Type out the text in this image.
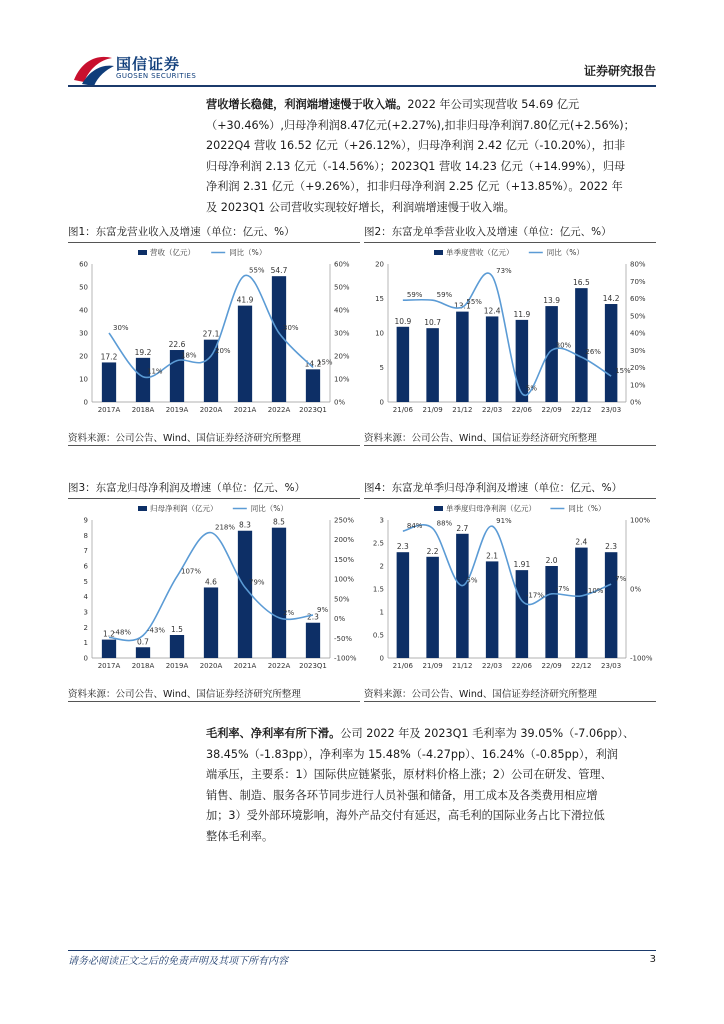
国信证券
GUOSEN SECURITIES	证券研究报告
营收增长稳健，利润端增速慢于收入端。2022 年公司实现营收 54.69 亿元
（+30.46%）,归母净利润8.47亿元(+2.27%),扣非归母净利润7.80亿元(+2.56%)；
2022Q4 营收 16.52 亿元（+26.12%），归母净利润 2.42 亿元（-10.20%），扣非
归母净利润 2.13 亿元（-14.56%）；2023Q1 营收 14.23 亿元（+14.99%），归母
净利润 2.31 亿元（+9.26%），扣非归母净利润 2.25 亿元（+13.85%）。2022 年
及 2023Q1 公司营收实现较好增长，利润端增速慢于收入端。
图1：东富龙营业收入及增速（单位：亿元、%）
营收（亿元）	同比（%）
0
10
20
30
40
50
60
0%
10%
20%
30%
40%
50%
60%
17.2
2017A
19.2
2018A
22.6
2019A
27.1
2020A
41.9
2021A
54.7
2022A
14.2
2023Q1
30%
11%
18%
20%
55%
30%
15%
资料来源：公司公告、Wind、国信证券经济研究所整理
图2：东富龙单季营业收入及增速（单位：亿元、%）
单季度营收（亿元）	同比（%）
0
5
10
15
20
0%
10%
20%
30%
40%
50%
60%
70%
80%
10.9
21/06
10.7
21/09
13.1
21/12
12.4
22/03
11.9
22/06
13.9
22/09
16.5
22/12
14.2
23/03
59% 59%
55%
73%
5%
30%
26%
15%
资料来源：公司公告、Wind、国信证券经济研究所整理
图3：东富龙归母净利润及增速（单位：亿元、%）
归母净利润（亿元）	同比（%）
0
1
2
3
4
5
6
7
8
9
-100%
-50%
0%
50%
100%
150%
200%
250%
1.2
2017A
0.7
2018A
1.5
2019A
4.6
2020A
8.3
2021A
8.5
2022A
2.3
2023Q1
-48% -43%
107%
218%
79%
2%	9%
资料来源：公司公告、Wind、国信证券经济研究所整理
图4：东富龙单季归母净利润及增速（单位：亿元、%）
单季度归母净利润（亿元）	同比（%）
0
0.5
1
1.5
2
2.5
3
-100%
0%
100%
2.3
21/06
2.2
21/09
2.7
21/12
2.1
22/03
1.91
22/06
2.0
22/09
2.4
22/12
2.3
23/03
84% 88%
5%
91%
-17%
-7% -10%
7%
资料来源：公司公告、Wind、国信证券经济研究所整理
毛利率、净利率有所下滑。公司 2022 年及 2023Q1 毛利率为 39.05%（-7.06pp）、
38.45%（-1.83pp），净利率为 15.48%（-4.27pp）、16.24%（-0.85pp），利润
端承压，主要系：1）国际供应链紧张，原材料价格上涨；2）公司在研发、管理、
销售、制造、服务各环节同步进行人员补强和储备，用工成本及各类费用相应增
加；3）受外部环境影响，海外产品交付有延迟，高毛利的国际业务占比下滑拉低
整体毛利率。
请务必阅读正文之后的免责声明及其项下所有内容	3
